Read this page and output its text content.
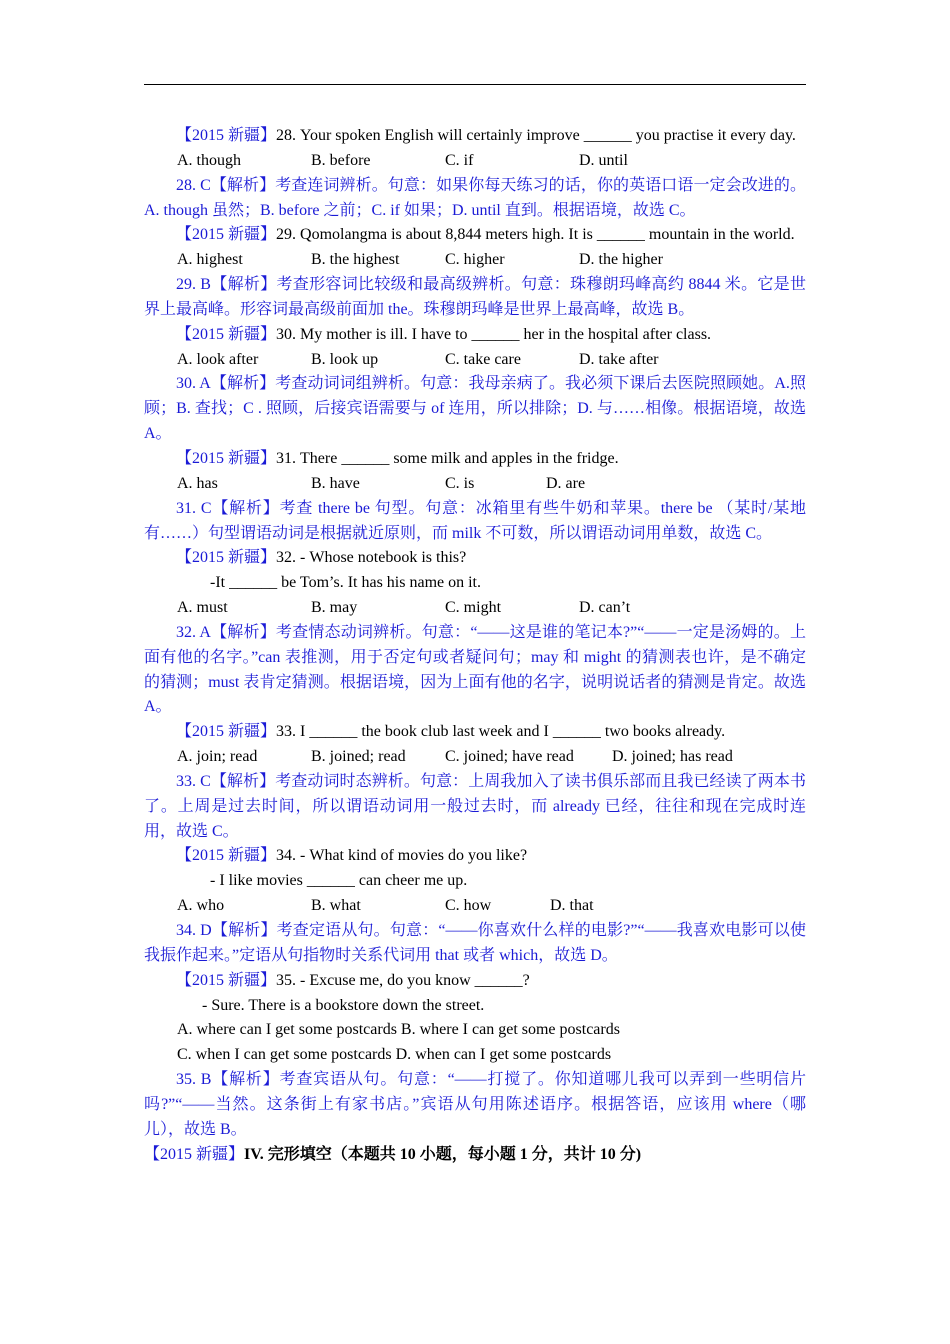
【2015 新疆】28. Your spoken English will certainly improve ______ you practise it every day.

A. though	B. before	C. if	D. until

28. C【解析】考查连词辨析。句意：如果你每天练习的话，你的英语口语一定会改进的。A. though 虽然；B. before 之前；C. if 如果；D. until 直到。根据语境，故选 C。

【2015 新疆】29. Qomolangma is about 8,844 meters high. It is ______ mountain in the world.

A. highest	B. the highest	C. higher	D. the higher

29. B【解析】考查形容词比较级和最高级辨析。句意：珠穆朗玛峰高约 8844 米。它是世界上最高峰。形容词最高级前面加 the。珠穆朗玛峰是世界上最高峰，故选 B。

【2015 新疆】30. My mother is ill. I have to ______ her in the hospital after class.

A. look after	B. look up	C. take care	D. take after

30. A【解析】考查动词词组辨析。句意：我母亲病了。我必须下课后去医院照顾她。A.照顾；B. 查找；C . 照顾，后接宾语需要与 of 连用，所以排除；D. 与……相像。根据语境，故选 A。

【2015 新疆】31. There ______ some milk and apples in the fridge.

A. has	B. have	C. is	D. are

31. C【解析】考查 there be 句型。句意：冰箱里有些牛奶和苹果。there be （某时/某地有……）句型谓语动词是根据就近原则，而 milk 不可数，所以谓语动词用单数，故选 C。

【2015 新疆】32. - Whose notebook is this?

-It ______ be Tom’s. It has his name on it.

A. must	B. may	C. might	D. can’t

32. A【解析】考查情态动词辨析。句意：“——这是谁的笔记本?”“——一定是汤姆的。上面有他的名字。”can 表推测，用于否定句或者疑问句；may 和 might 的猜测表也许，是不确定的猜测；must 表肯定猜测。根据语境，因为上面有他的名字，说明说话者的猜测是肯定。故选 A。

【2015 新疆】33. I ______ the book club last week and I ______ two books already.

A. join; read	B. joined; read C. joined; have read D. joined; has read

33. C【解析】考查动词时态辨析。句意：上周我加入了读书俱乐部而且我已经读了两本书了。上周是过去时间，所以谓语动词用一般过去时，而 already 已经，往往和现在完成时连用，故选 C。

【2015 新疆】34. - What kind of movies do you like?

- I like movies ______ can cheer me up.

A. who	B. what	C. how	D. that

34. D【解析】考查定语从句。句意：“——你喜欢什么样的电影?”“——我喜欢电影可以使我振作起来。”定语从句指物时关系代词用 that 或者 which，故选 D。

【2015 新疆】35. - Excuse me, do you know ______?

- Sure. There is a bookstore down the street.

A. where can I get some postcards B. where I can get some postcards

C. when I can get some postcards D. when can I get some postcards

35. B【解析】考查宾语从句。句意：“——打搅了。你知道哪儿我可以弄到一些明信片吗?”“——当然。这条街上有家书店。”宾语从句用陈述语序。根据答语，应该用 where（哪儿），故选 B。

【2015 新疆】IV. 完形填空（本题共 10 小题，每小题 1 分，共计 10 分)
